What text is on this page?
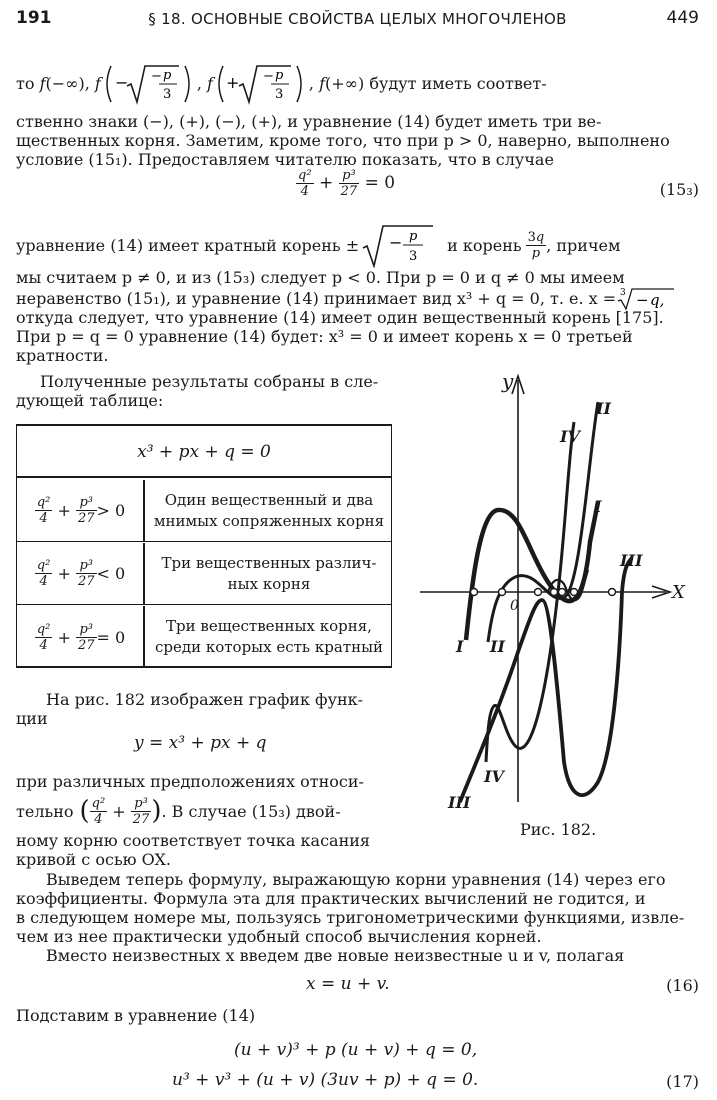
191	§ 18. ОСНОВНЫЕ СВОЙСТВА ЦЕЛЫХ МНОГОЧЛЕНОВ	449
то f(−∞), f − − p
3
, f + − p
3
, f(+∞) будут иметь соответ-
ственно знаки (−), (+), (−), (+), и уравнение (14) будет иметь три ве-
щественных корня. Заметим, кроме того, что при p > 0, наверно, выполнено
условие (15₁). Предоставляем читателю показать, что в случае
$\frac{\text{q²}}{4} + \frac{\text{p³}}{27} = 0$	(15₃)
уравнение (14) имеет кратный корень ± − p
3
и корень $\frac{3q}{p}$ , причем
мы считаем p ≠ 0, и из (15₃) следует p < 0. При p = 0 и q ≠ 0 мы имеем
неравенство (15₁), и уравнение (14) принимает вид x³ + q = 0, т. е. x = 3 − q,
откуда следует, что уравнение (14) имеет один вещественный корень [175].
При p = q = 0 уравнение (14) будет: x³ = 0 и имеет корень x = 0 третьей
кратности.
Полученные результаты собраны в сле-
дующей таблице:
x³ + px + q = 0
$\frac{\text{q²}}{4} + \frac{\text{p³}}{27} > 0$
Один вещественный и два
мнимых сопряженных корня
$\frac{\text{q²}}{4} + \frac{\text{p³}}{27} < 0$
Три вещественных различ-
ных корня
$\frac{\text{q²}}{4} + \frac{\text{p³}}{27} = 0$
Три вещественных корня,
среди которых есть кратный
На рис. 182 изображен график функ-
ции
y = x³ + px + q
при различных предположениях относи-
тельно ( $\frac{\text{q²}}{4} + \frac{\text{p³}}{27}$ ) . В случае (15₃) двой-
ному корню соответствует точка касания
кривой с осью OX.
y
X
0
I
II
III
IV
I II
III
IV
Рис. 182.
Выведем теперь формулу, выражающую корни уравнения (14) через его
коэффициенты. Формула эта для практических вычислений не годится, и
в следующем номере мы, пользуясь тригонометрическими функциями, извле-
чем из нее практически удобный способ вычисления корней.
Вместо неизвестных x введем две новые неизвестные u и v, полагая
x = u + v.	(16)
Подставим в уравнение (14)
(u + v)³ + p (u + v) + q = 0,
u³ + v³ + (u + v) (3uv + p) + q = 0.	(17)
